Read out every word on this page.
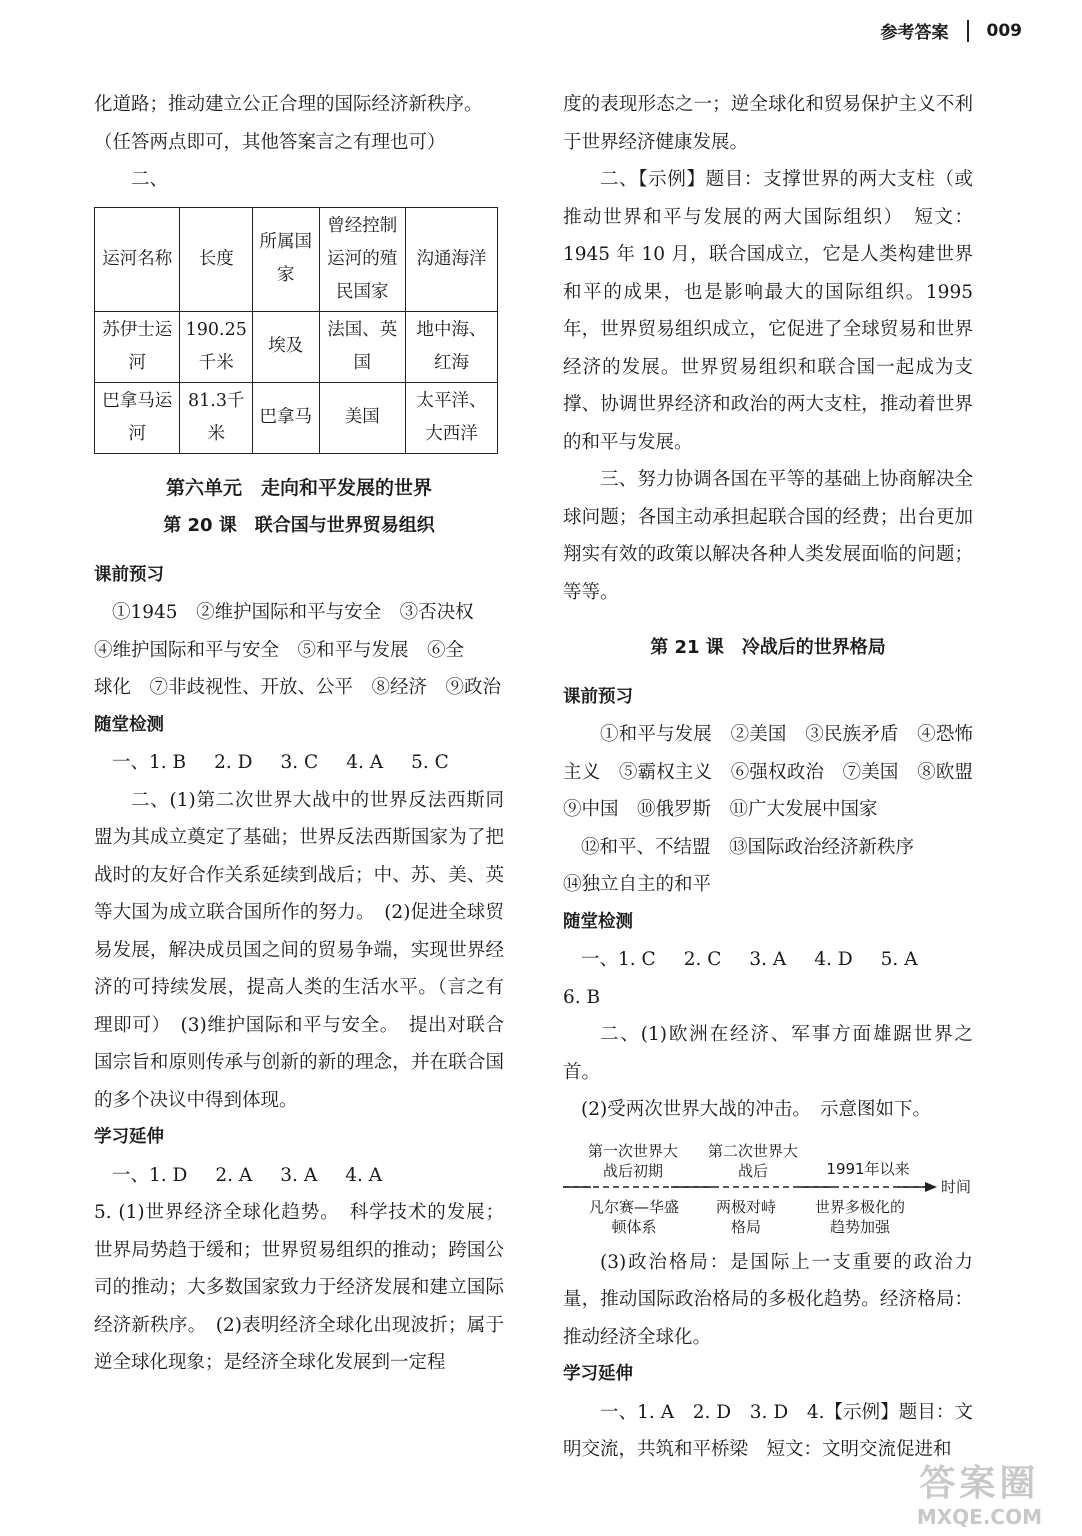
参考答案 009

化道路；推动建立公正合理的国际经济新秩序。

（任答两点即可，其他答案言之有理也可）

二、

运河名称	长度	所属国家	曾经控制运河的殖民国家	沟通海洋
苏伊士运河	190.25千米	埃及	法国、英国	地中海、红海
巴拿马运河	81.3千米	巴拿马	美国	太平洋、大西洋
第六单元　走向和平发展的世界
第 20 课　联合国与世界贸易组织
课前预习

①1945　②维护国际和平与安全　③否决权

④维护国际和平与安全　⑤和平与发展　⑥全

球化　⑦非歧视性、开放、公平　⑧经济　⑨政治

随堂检测

一、1. B 2. D 3. C 4. A 5. C

二、(1)第二次世界大战中的世界反法西斯同盟为其成立奠定了基础；世界反法西斯国家为了把战时的友好合作关系延续到战后；中、苏、美、英等大国为成立联合国所作的努力。　(2)促进全球贸易发展，解决成员国之间的贸易争端，实现世界经济的可持续发展，提高人类的生活水平。（言之有理即可）　(3)维护国际和平与安全。　提出对联合国宗旨和原则传承与创新的新的理念，并在联合国的多个决议中得到体现。

学习延伸

一、1. D 2. A 3. A 4. A

5. (1)世界经济全球化趋势。　科学技术的发展；世界局势趋于缓和；世界贸易组织的推动；跨国公司的推动；大多数国家致力于经济发展和建立国际经济新秩序。　(2)表明经济全球化出现波折；属于逆全球化现象；是经济全球化发展到一定程

度的表现形态之一；逆全球化和贸易保护主义不利于世界经济健康发展。

二、【示例】题目：支撑世界的两大支柱（或推动世界和平与发展的两大国际组织）　短文：1945 年 10 月，联合国成立，它是人类构建世界和平的成果，也是影响最大的国际组织。1995 年，世界贸易组织成立，它促进了全球贸易和世界经济的发展。世界贸易组织和联合国一起成为支撑、协调世界经济和政治的两大支柱，推动着世界的和平与发展。

三、努力协调各国在平等的基础上协商解决全球问题；各国主动承担起联合国的经费；出台更加翔实有效的政策以解决各种人类发展面临的问题；等等。

第 21 课　冷战后的世界格局
课前预习

①和平与发展　②美国　③民族矛盾　④恐怖主义　⑤霸权主义　⑥强权政治　⑦美国　⑧欧盟　⑨中国　⑩俄罗斯　⑪广大发展中国家

⑫和平、不结盟　⑬国际政治经济新秩序

⑭独立自主的和平

随堂检测

一、1. C 2. C 3. A 4. D 5. A

6. B

二、(1)欧洲在经济、军事方面雄踞世界之首。

(2)受两次世界大战的冲击。　示意图如下。

第一次世界大战后初期
第二次世界大战后	1991年以来
时间
凡尔赛—华盛顿体系
两极对峙格局
世界多极化的趋势加强

(3)政治格局：是国际上一支重要的政治力量，推动国际政治格局的多极化趋势。经济格局：推动经济全球化。

学习延伸

一、1. A　2. D　3. D　4.【示例】题目：文明交流，共筑和平桥梁　短文：文明交流促进和

答案圈
MXQE.COM
